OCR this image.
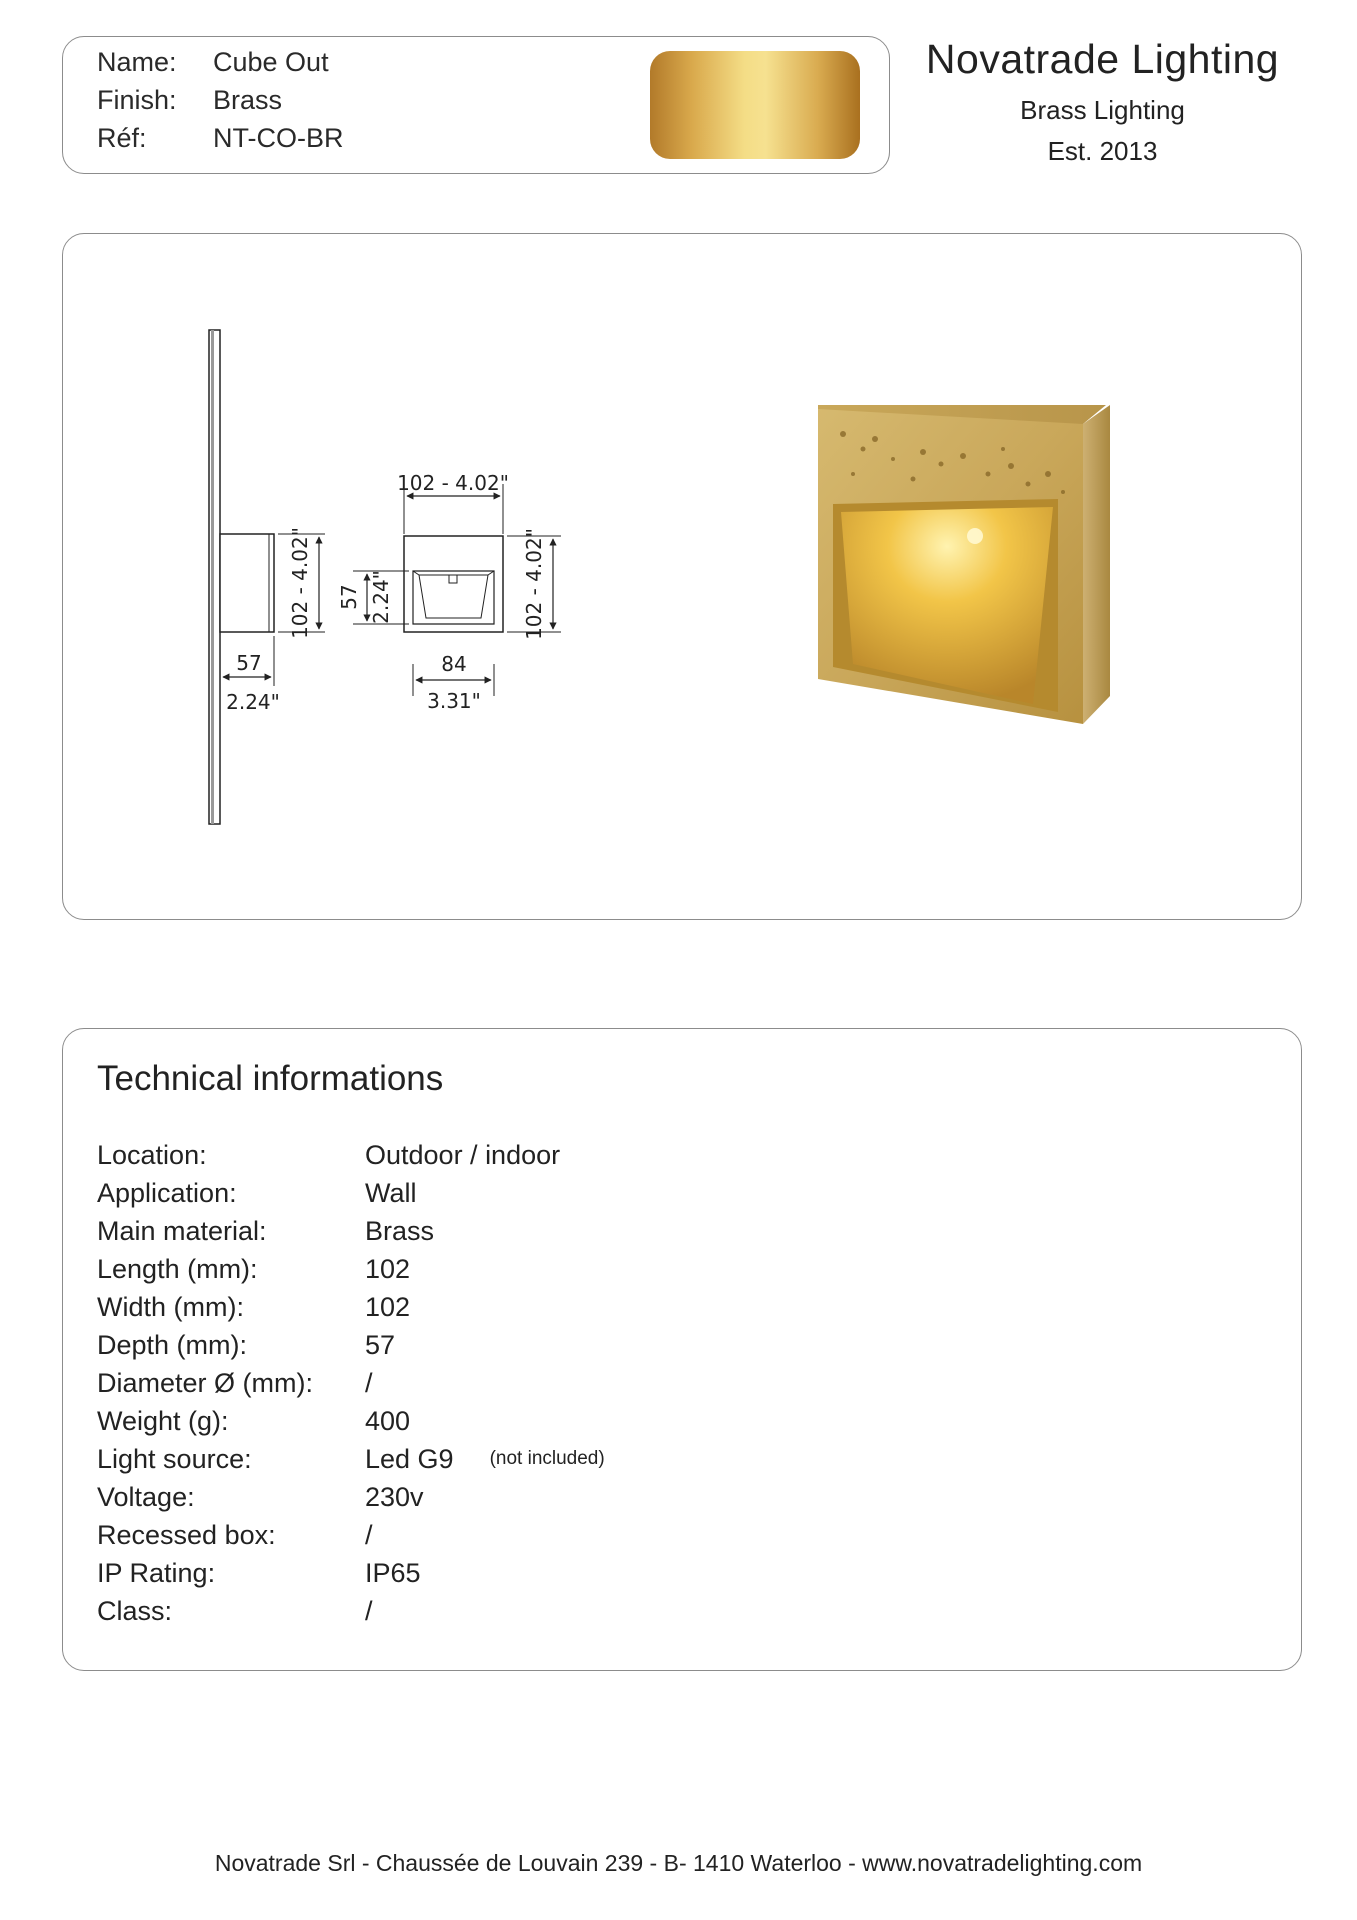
Name: Cube Out
Finish: Brass
Réf: NT-CO-BR
Novatrade Lighting
Brass Lighting
Est. 2013
102 - 4.02"
57
2.24"
102 - 4.02"
57 2.24"	102 - 4.02"
84
3.31"
Technical informations
Location:	Outdoor / indoor
Application:	Wall
Main material:	Brass
Length (mm):	102
Width (mm):	102
Depth (mm):	57
Diameter Ø (mm): /
Weight (g):	400
Light source:	Led G9 (not included)
Voltage:	230v
Recessed box:	/
IP Rating:	IP65
Class:	/
Novatrade Srl - Chaussée de Louvain 239 - B- 1410 Waterloo - www.novatradelighting.com
